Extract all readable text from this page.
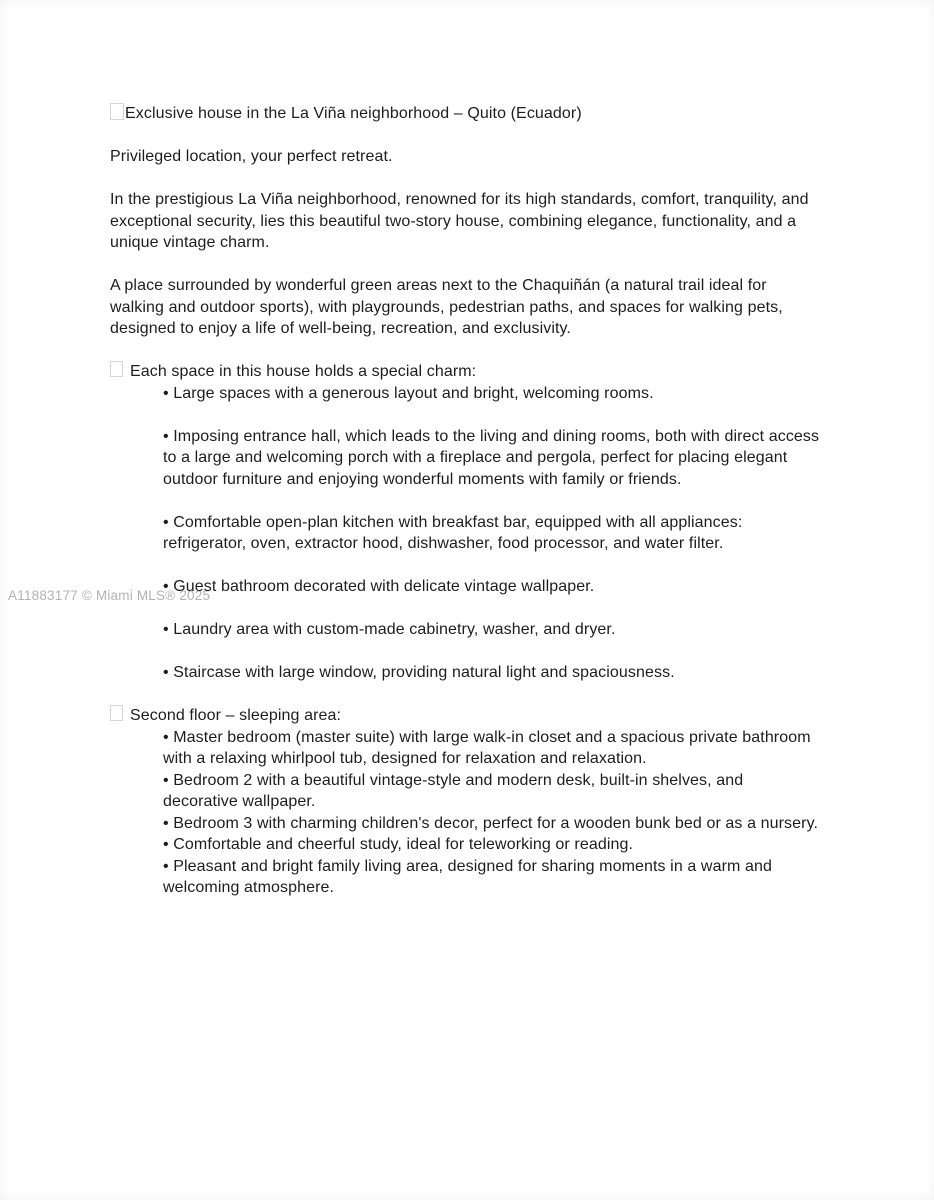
A11883177 © Miami MLS® 2025
Exclusive house in the La Viña neighborhood – Quito (Ecuador)

Privileged location, your perfect retreat.

In the prestigious La Viña neighborhood, renowned for its high standards, comfort, tranquility, and exceptional security, lies this beautiful two-story house, combining elegance, functionality, and a unique vintage charm.

A place surrounded by wonderful green areas next to the Chaquiñán (a natural trail ideal for walking and outdoor sports), with playgrounds, pedestrian paths, and spaces for walking pets, designed to enjoy a life of well-being, recreation, and exclusivity.

Each space in this house holds a special charm:
• Large spaces with a generous layout and bright, welcoming rooms.
• Imposing entrance hall, which leads to the living and dining rooms, both with direct access to a large and welcoming porch with a fireplace and pergola, perfect for placing elegant outdoor furniture and enjoying wonderful moments with family or friends.
• Comfortable open-plan kitchen with breakfast bar, equipped with all appliances: refrigerator, oven, extractor hood, dishwasher, food processor, and water filter.
• Guest bathroom decorated with delicate vintage wallpaper.
• Laundry area with custom-made cabinetry, washer, and dryer.
• Staircase with large window, providing natural light and spaciousness.
Second floor – sleeping area:
• Master bedroom (master suite) with large walk-in closet and a spacious private bathroom with a relaxing whirlpool tub, designed for relaxation and relaxation.
• Bedroom 2 with a beautiful vintage-style and modern desk, built-in shelves, and decorative wallpaper.
• Bedroom 3 with charming children's decor, perfect for a wooden bunk bed or as a nursery.
• Comfortable and cheerful study, ideal for teleworking or reading.
• Pleasant and bright family living area, designed for sharing moments in a warm and welcoming atmosphere.
